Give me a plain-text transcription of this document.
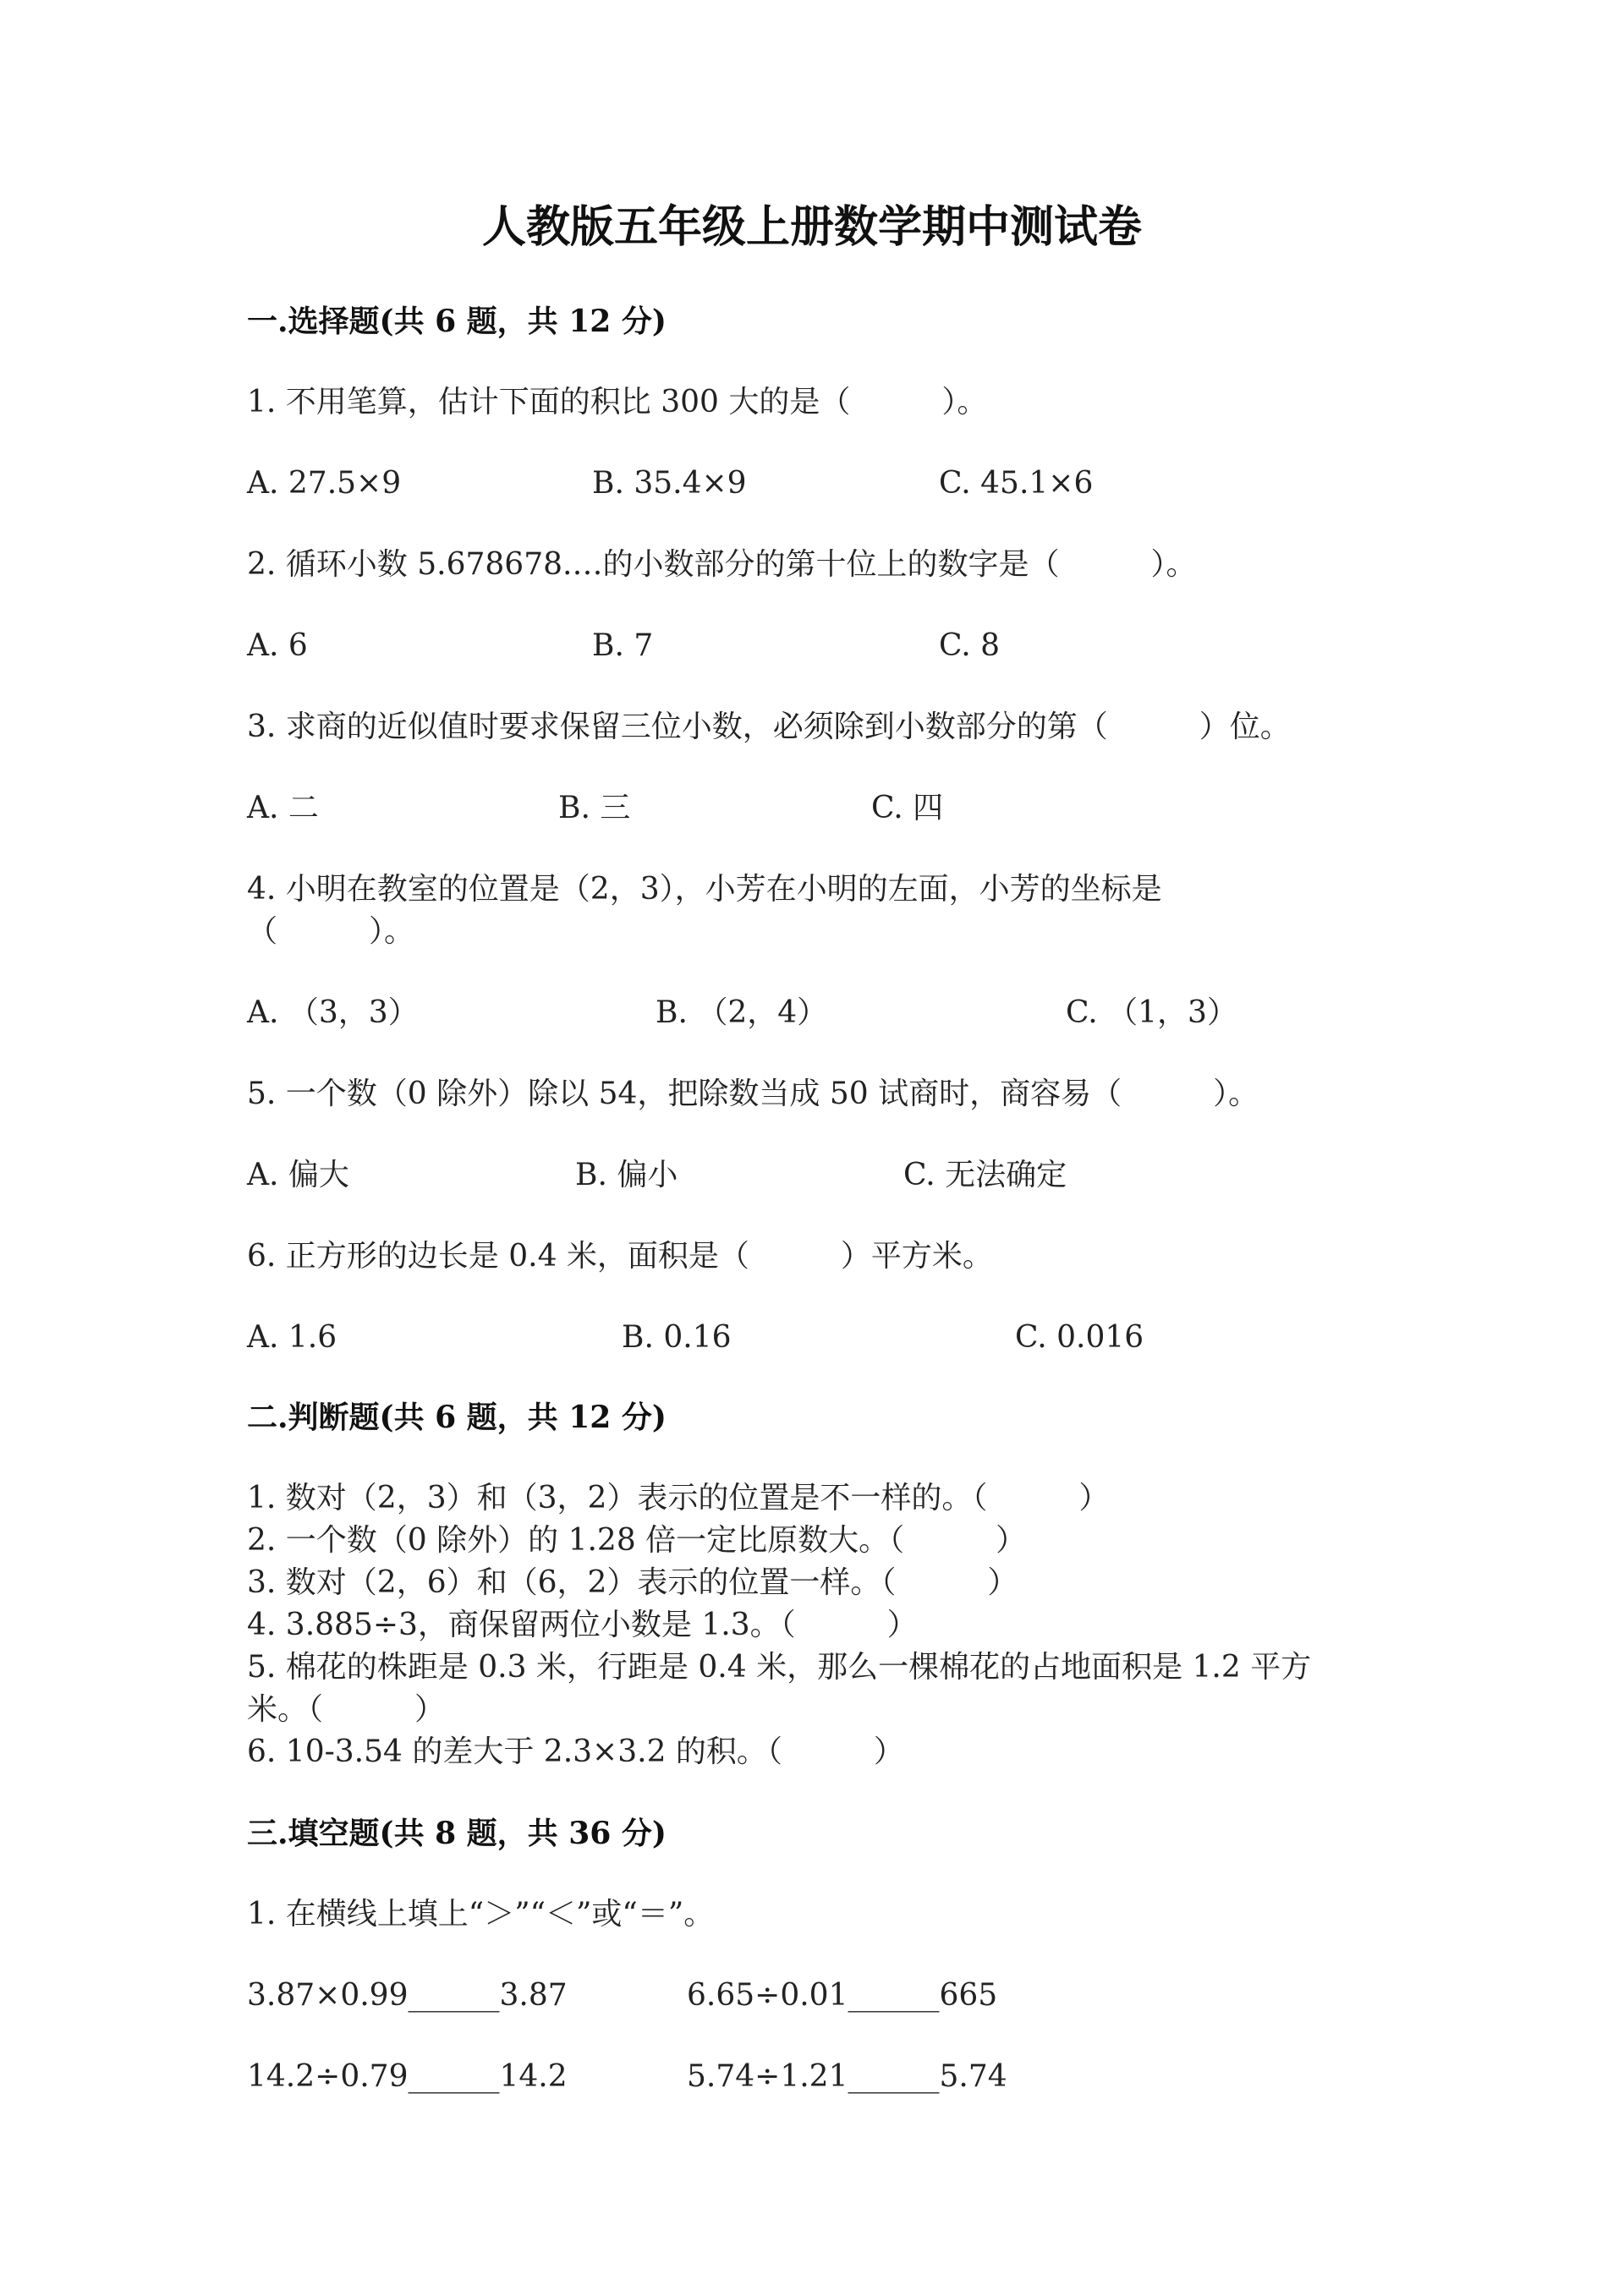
人教版五年级上册数学期中测试卷
一.选择题(共 6 题，共 12 分)
1. 不用笔算，估计下面的积比 300 大的是（　　　）。
A. 27.5×9	B. 35.4×9	C. 45.1×6
2. 循环小数 5.678678.…的小数部分的第十位上的数字是（　　　）。
A. 6	B. 7	C. 8
3. 求商的近似值时要求保留三位小数，必须除到小数部分的第（　　　）位。
A. 二	B. 三	C. 四
4. 小明在教室的位置是（2，3），小芳在小明的左面，小芳的坐标是
（　　　）。
A. （3，3）	B. （2，4）	C. （1，3）
5. 一个数（0 除外）除以 54，把除数当成 50 试商时，商容易（　　　）。
A. 偏大	B. 偏小	C. 无法确定
6. 正方形的边长是 0.4 米，面积是（　　　）平方米。
A. 1.6	B. 0.16	C. 0.016
二.判断题(共 6 题，共 12 分)
1. 数对（2，3）和（3，2）表示的位置是不一样的。（　　　）
2. 一个数（0 除外）的 1.28 倍一定比原数大。（　　　）
3. 数对（2，6）和（6，2）表示的位置一样。（　　　）
4. 3.885÷3，商保留两位小数是 1.3。（　　　）
5. 棉花的株距是 0.3 米，行距是 0.4 米，那么一棵棉花的占地面积是 1.2 平方
米。（　　　）
6. 10-3.54 的差大于 2.3×3.2 的积。（　　　）
三.填空题(共 8 题，共 36 分)
1. 在横线上填上“＞”“＜”或“＝”。
3.87×0.99______3.87	6.65÷0.01______665
14.2÷0.79______14.2	5.74÷1.21______5.74
